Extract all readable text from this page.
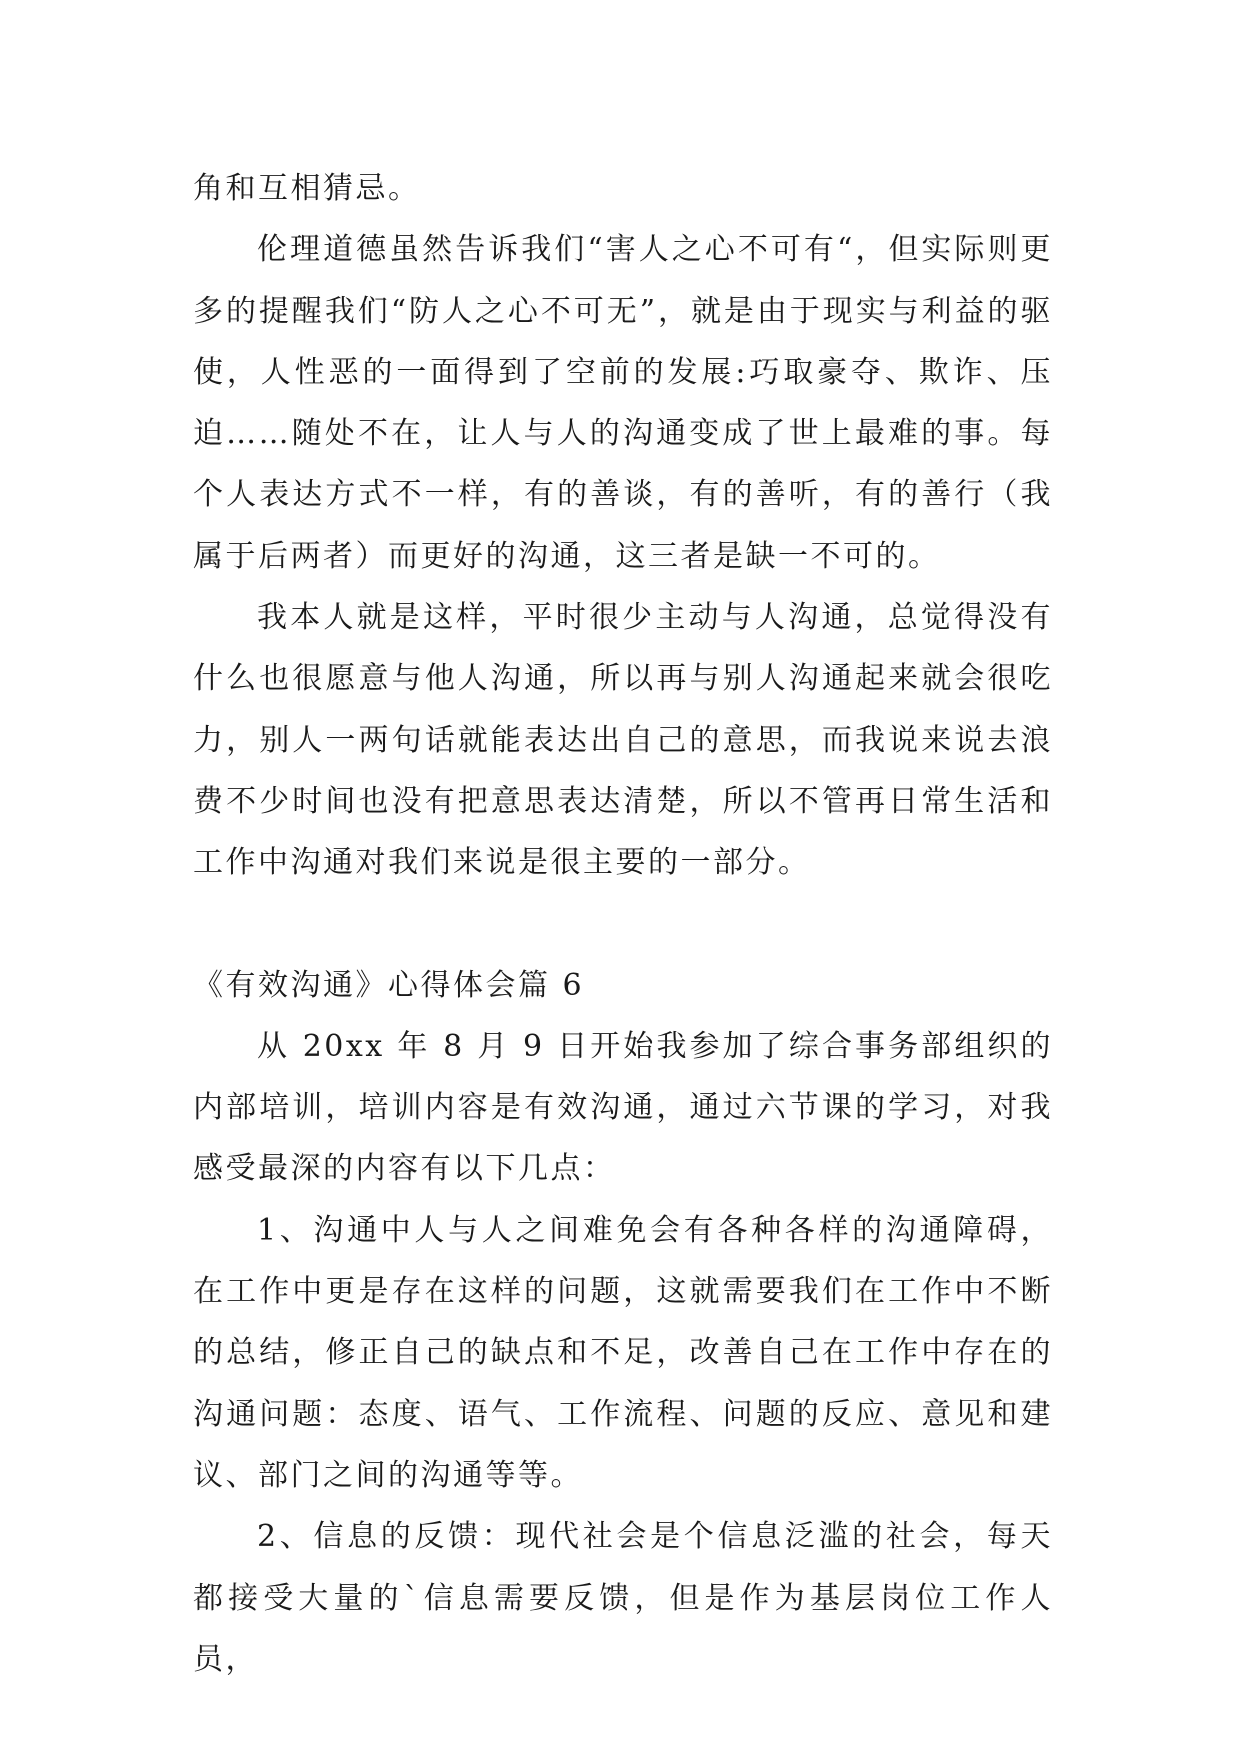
角和互相猜忌。

伦理道德虽然告诉我们“害人之心不可有“，但实际则更多的提醒我们“防人之心不可无”，就是由于现实与利益的驱使，人性恶的一面得到了空前的发展:巧取豪夺、欺诈、压迫……随处不在，让人与人的沟通变成了世上最难的事。每个人表达方式不一样，有的善谈，有的善听，有的善行（我属于后两者）而更好的沟通，这三者是缺一不可的。

我本人就是这样，平时很少主动与人沟通，总觉得没有什么也很愿意与他人沟通，所以再与别人沟通起来就会很吃力，别人一两句话就能表达出自己的意思，而我说来说去浪费不少时间也没有把意思表达清楚，所以不管再日常生活和工作中沟通对我们来说是很主要的一部分。

《有效沟通》心得体会篇 6

从 20xx 年 8 月 9 日开始我参加了综合事务部组织的内部培训，培训内容是有效沟通，通过六节课的学习，对我感受最深的内容有以下几点：

1、沟通中人与人之间难免会有各种各样的沟通障碍，在工作中更是存在这样的问题，这就需要我们在工作中不断的总结，修正自己的缺点和不足，改善自己在工作中存在的沟通问题：态度、语气、工作流程、问题的反应、意见和建议、部门之间的沟通等等。

2、信息的反馈：现代社会是个信息泛滥的社会，每天都接受大量的`信息需要反馈，但是作为基层岗位工作人员，
